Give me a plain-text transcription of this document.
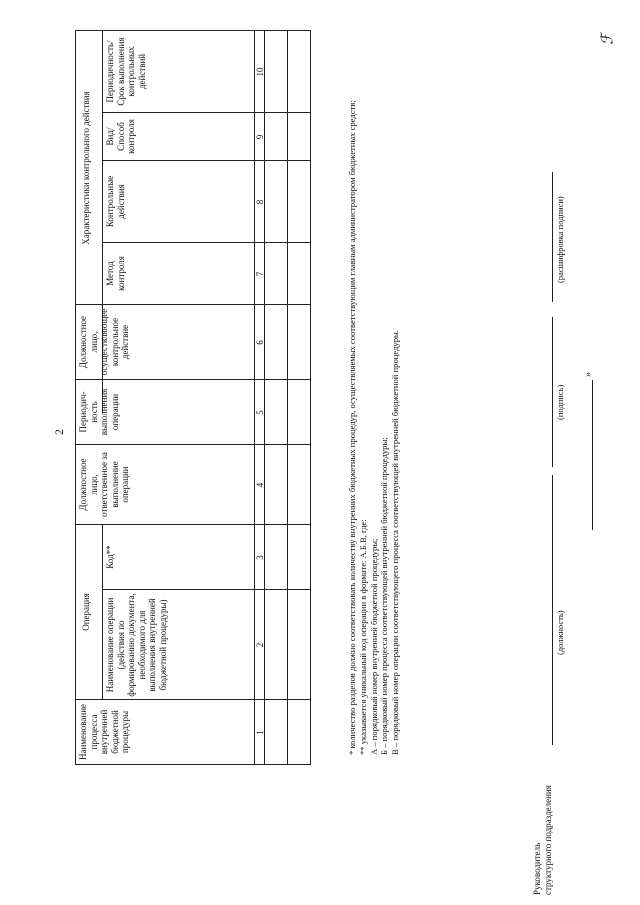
2
ℱ
Наименование процесса внутренней бюджетной процедуры
Операция Наименование операции (действия по формированию документа, необходимого для выполнения внутренней бюджетной процедуры)
Код**
Должностное лицо, ответственное за выполнение операции
Периодич-ность выполнения операции
Должностное лицо, осуществляющее контрольное действие
Характеристики контрольного действия
Метод контроля
Контрольные действия
Вид/ Способ контроля
Периодичность/Срок выполнения контрольных действий
1
2
3
4
5
6
7
8
9
10
* количество разделов должно соответствовать количеству внутренних бюджетных процедур, осуществляемых соответствующим главным администратором бюджетных средств; ** указывается уникальный код операции в формате: А.Б.В, где: А – порядковый номер внутренней бюджетной процедуры; Б – порядковый номер процесса соответствующей внутренней бюджетной процедуры; В – порядковый номер операции соответствующего процесса соответствующей внутренней бюджетной процедуры.
Руководитель структурного подразделения
(должность)
(подпись)
(расшифровка подписи)
»
